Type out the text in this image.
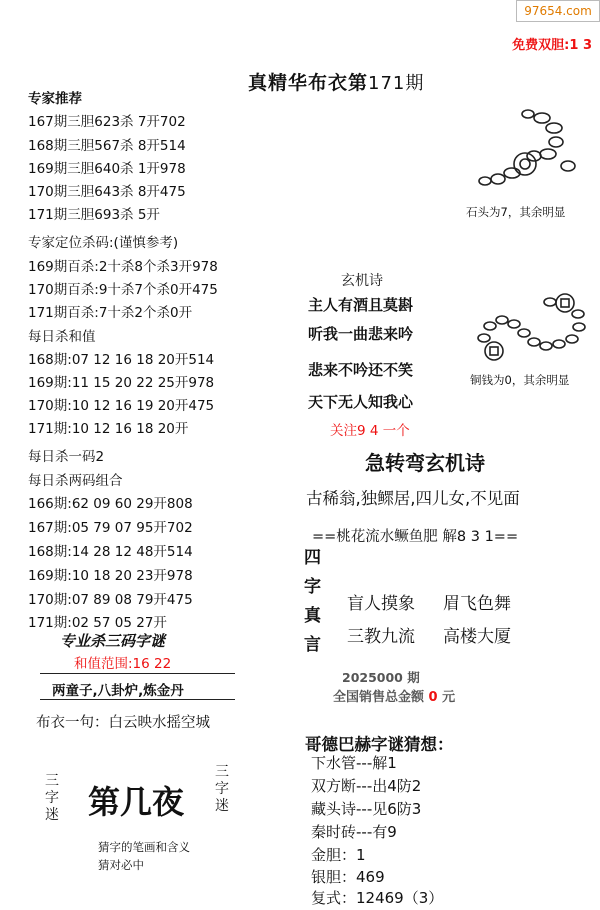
97654.com
免费双胆:1 3
真精华布衣第171期
专家推荐
167期三胆623杀 7开702
168期三胆567杀 8开514
169期三胆640杀 1开978
170期三胆643杀 8开475
171期三胆693杀 5开
专家定位杀码:(谨慎参考)
169期百杀:2十杀8个杀3开978
170期百杀:9十杀7个杀0开475
171期百杀:7十杀2个杀0开
每日杀和值
168期:07 12 16 18 20开514
169期:11 15 20 22 25开978
170期:10 12 16 19 20开475
171期:10 12 16 18 20开
每日杀一码2
每日杀两码组合
166期:62 09 60 29开808
167期:05 79 07 95开702
168期:14 28 12 48开514
169期:10 18 20 23开978
170期:07 89 08 79开475
171期:02 57 05 27开
专业杀三码字谜
和值范围:16 22
两童子,八卦炉,炼金丹
布衣一句：白云映水摇空城
三
字
迷 第几夜
三
字
迷
猜字的笔画和含义
猜对必中
石头为7，其余明显
铜钱为0，其余明显
玄机诗
主人有酒且莫斟
听我一曲悲来吟
悲来不吟还不笑
天下无人知我心
关注9 4 一个
急转弯玄机诗
古稀翁,独鳏居,四儿女,不见面
==桃花流水鳜鱼肥 解8 3 1==
四
字
真
言
盲人摸象 眉飞色舞
三教九流 高楼大厦
2025000 期
全国销售总金额 0 元
哥德巴赫字谜猜想：
下水管---解1
双方断---出4防2
藏头诗---见6防3
秦时砖---有9
金胆：1
银胆：469
复式：12469（3）
